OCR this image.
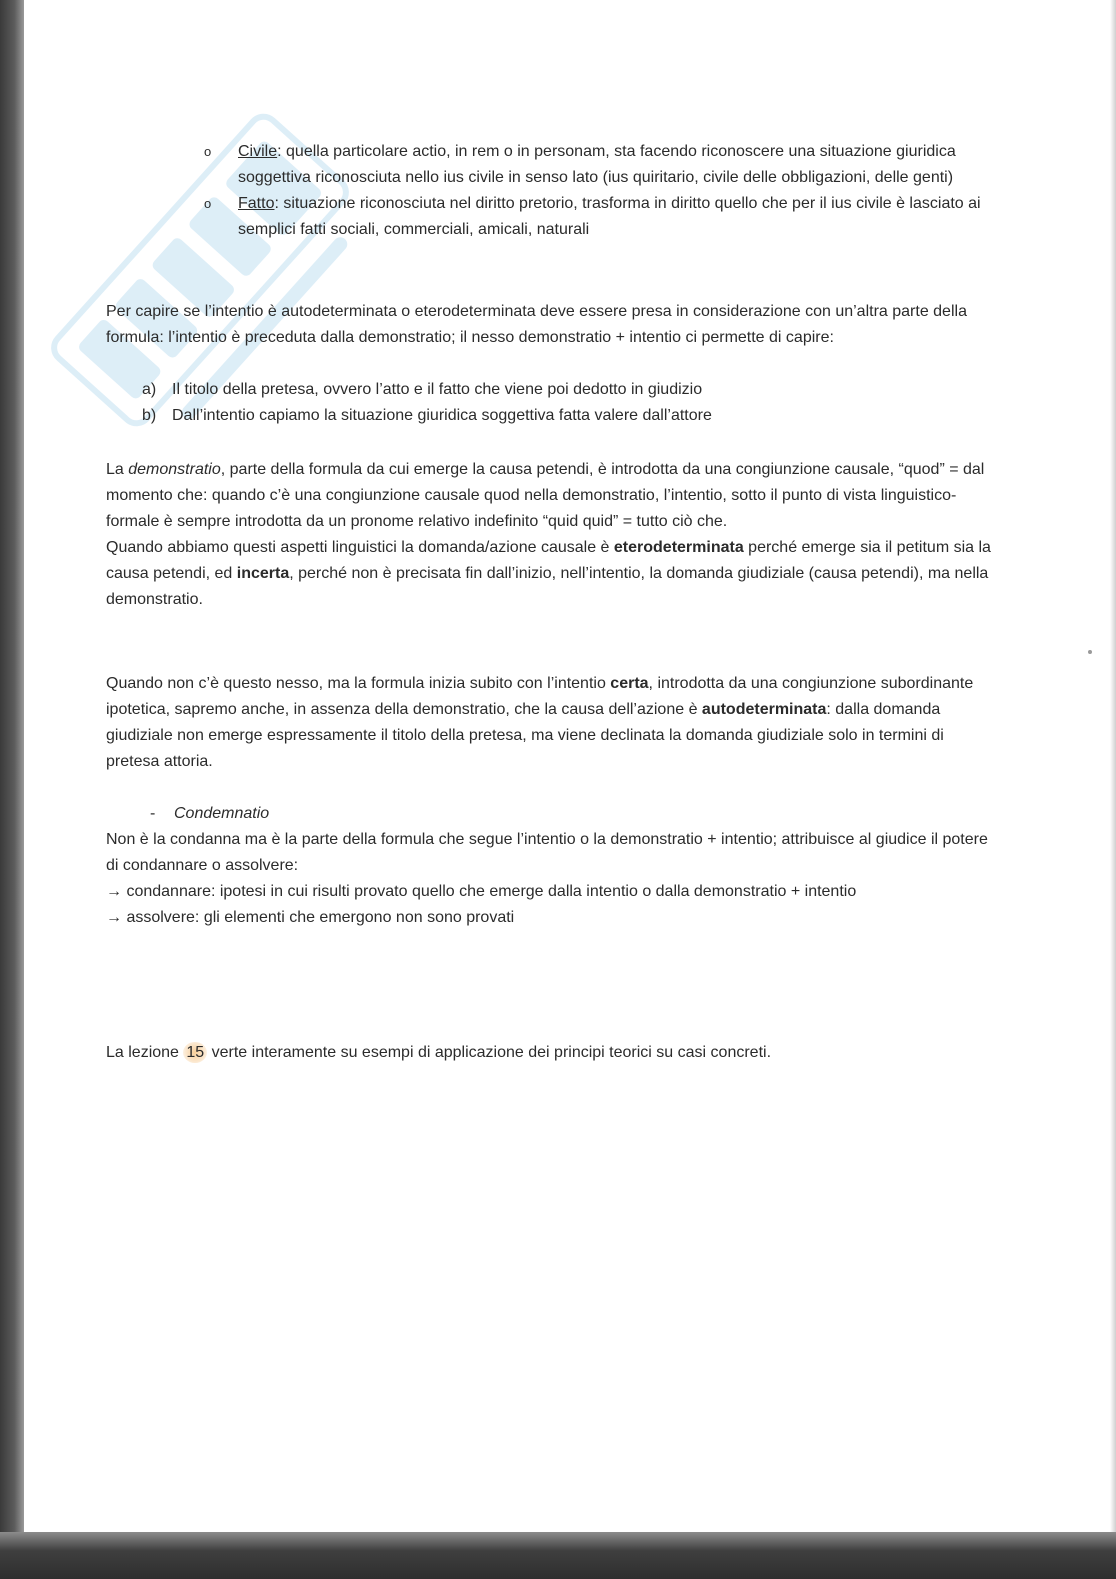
o Civile: quella particolare actio, in rem o in personam, sta facendo riconoscere una situazione giuridica soggettiva riconosciuta nello ius civile in senso lato (ius quiritario, civile delle obbligazioni, delle genti)
o Fatto: situazione riconosciuta nel diritto pretorio, trasforma in diritto quello che per il ius civile è lasciato ai semplici fatti sociali, commerciali, amicali, naturali

Per capire se l’intentio è autodeterminata o eterodeterminata deve essere presa in considerazione con un’altra parte della formula: l’intentio è preceduta dalla demonstratio; il nesso demonstratio + intentio ci permette di capire:

a) Il titolo della pretesa, ovvero l’atto e il fatto che viene poi dedotto in giudizio
b) Dall’intentio capiamo la situazione giuridica soggettiva fatta valere dall’attore

La demonstratio, parte della formula da cui emerge la causa petendi, è introdotta da una congiunzione causale, “quod” = dal momento che: quando c’è una congiunzione causale quod nella demonstratio, l’intentio, sotto il punto di vista linguistico-formale è sempre introdotta da un pronome relativo indefinito “quid quid” = tutto ciò che.
Quando abbiamo questi aspetti linguistici la domanda/azione causale è eterodeterminata perché emerge sia il petitum sia la causa petendi, ed incerta, perché non è precisata fin dall’inizio, nell’intentio, la domanda giudiziale (causa petendi), ma nella demonstratio.

Quando non c’è questo nesso, ma la formula inizia subito con l’intentio certa, introdotta da una congiunzione subordinante ipotetica, sapremo anche, in assenza della demonstratio, che la causa dell’azione è autodeterminata: dalla domanda giudiziale non emerge espressamente il titolo della pretesa, ma viene declinata la domanda giudiziale solo in termini di pretesa attoria.

- Condemnatio

Non è la condanna ma è la parte della formula che segue l’intentio o la demonstratio + intentio; attribuisce al giudice il potere di condannare o assolvere:
→ condannare: ipotesi in cui risulti provato quello che emerge dalla intentio o dalla demonstratio + intentio
→ assolvere: gli elementi che emergono non sono provati

La lezione 15 verte interamente su esempi di applicazione dei principi teorici su casi concreti.
